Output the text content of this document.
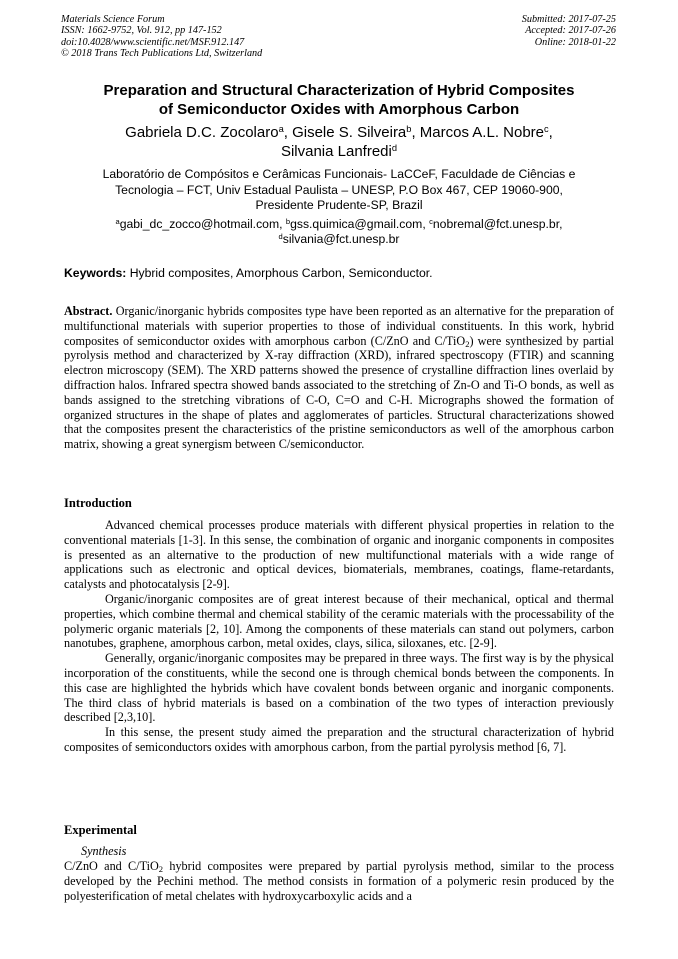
Materials Science Forum
ISSN: 1662-9752, Vol. 912, pp 147-152
doi:10.4028/www.scientific.net/MSF.912.147
© 2018 Trans Tech Publications Ltd, Switzerland
Submitted: 2017-07-25
Accepted: 2017-07-26
Online: 2018-01-22
Preparation and Structural Characterization of Hybrid Composites
of Semiconductor Oxides with Amorphous Carbon
Gabriela D.C. Zocolaro$^a$, Gisele S. Silveira$^b$, Marcos A.L. Nobre$^c$,
Silvania Lanfredi$^d$
Laboratório de Compósitos e Cerâmicas Funcionais- LaCCeF, Faculdade de Ciências e
Tecnologia – FCT, Univ Estadual Paulista – UNESP, P.O Box 467, CEP 19060-900,
Presidente Prudente-SP, Brazil
$^a$gabi_dc_zocco@hotmail.com, $^b$gss.quimica@gmail.com, $^c$nobremal@fct.unesp.br,
$^d$silvania@fct.unesp.br
Keywords: Hybrid composites, Amorphous Carbon, Semiconductor.
Abstract. Organic/inorganic hybrids composites type have been reported as an alternative for the preparation of multifunctional materials with superior properties to those of individual constituents. In this work, hybrid composites of semiconductor oxides with amorphous carbon (C/ZnO and C/TiO$_2$) were synthesized by partial pyrolysis method and characterized by X-ray diffraction (XRD), infrared spectroscopy (FTIR) and scanning electron microscopy (SEM). The XRD patterns showed the presence of crystalline diffraction lines overlaid by diffraction halos. Infrared spectra showed bands associated to the stretching of Zn-O and Ti-O bonds, as well as bands assigned to the stretching vibrations of C-O, C=O and C-H. Micrographs showed the formation of organized structures in the shape of plates and agglomerates of particles. Structural characterizations showed that the composites present the characteristics of the pristine semiconductors as well of the amorphous carbon matrix, showing a great synergism between C/semiconductor.
Introduction

Advanced chemical processes produce materials with different physical properties in relation to the conventional materials [1-3]. In this sense, the combination of organic and inorganic components in composites is presented as an alternative to the production of new multifunctional materials with a wide range of applications such as electronic and optical devices, biomaterials, membranes, coatings, flame-retardants, catalysts and photocatalysis [2-9].

Organic/inorganic composites are of great interest because of their mechanical, optical and thermal properties, which combine thermal and chemical stability of the ceramic materials with the processability of the polymeric organic materials [2, 10]. Among the components of these materials can stand out polymers, carbon nanotubes, graphene, amorphous carbon, metal oxides, clays, silica, siloxanes, etc. [2-9].

Generally, organic/inorganic composites may be prepared in three ways. The first way is by the physical incorporation of the constituents, while the second one is through chemical bonds between the components. In this case are highlighted the hybrids which have covalent bonds between organic and inorganic components. The third class of hybrid materials is based on a combination of the two types of interaction previously described [2,3,10].

In this sense, the present study aimed the preparation and the structural characterization of hybrid composites of semiconductors oxides with amorphous carbon, from the partial pyrolysis method [6, 7].

Experimental
Synthesis

C/ZnO and C/TiO$_2$ hybrid composites were prepared by partial pyrolysis method, similar to the process developed by the Pechini method. The method consists in formation of a polymeric resin produced by the polyesterification of metal chelates with hydroxycarboxylic acids and a
